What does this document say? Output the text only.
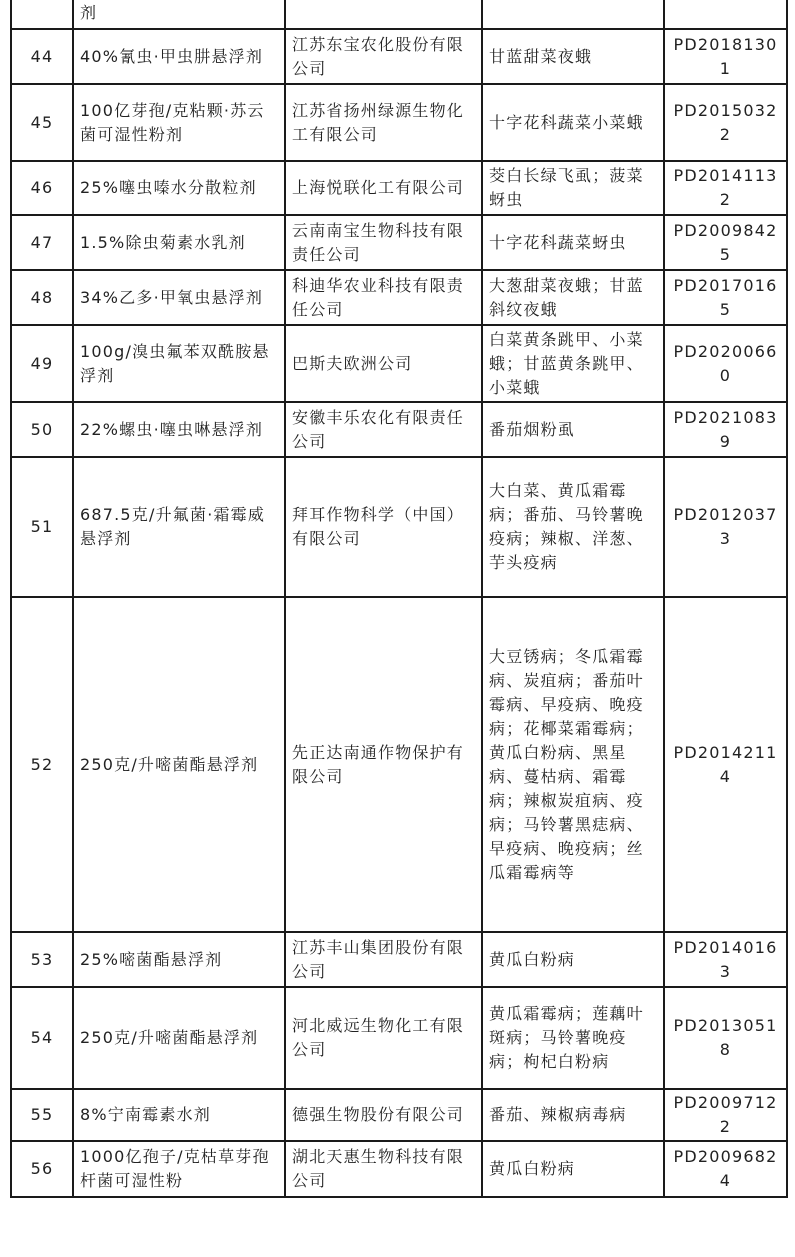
	剂			
44	40%氰虫·甲虫肼悬浮剂	江苏东宝农化股份有限公司	甘蓝甜菜夜蛾	PD20181301
45	100亿芽孢/克粘颗·苏云菌可湿性粉剂	江苏省扬州绿源生物化工有限公司	十字花科蔬菜小菜蛾	PD20150322
46	25%噻虫嗪水分散粒剂	上海悦联化工有限公司	茭白长绿飞虱；菠菜蚜虫	PD20141132
47	1.5%除虫菊素水乳剂	云南南宝生物科技有限责任公司	十字花科蔬菜蚜虫	PD20098425
48	34%乙多·甲氧虫悬浮剂	科迪华农业科技有限责任公司	大葱甜菜夜蛾；甘蓝斜纹夜蛾	PD20170165
49	100g/溴虫氟苯双酰胺悬浮剂	巴斯夫欧洲公司	白菜黄条跳甲、小菜蛾；甘蓝黄条跳甲、小菜蛾	PD20200660
50	22%螺虫·噻虫啉悬浮剂	安徽丰乐农化有限责任公司	番茄烟粉虱	PD20210839
51	687.5克/升氟菌·霜霉威悬浮剂	拜耳作物科学（中国）有限公司	大白菜、黄瓜霜霉病；番茄、马铃薯晚疫病；辣椒、洋葱、芋头疫病	PD20120373
52	250克/升嘧菌酯悬浮剂	先正达南通作物保护有限公司	大豆锈病；冬瓜霜霉病、炭疽病；番茄叶霉病、早疫病、晚疫病；花椰菜霜霉病；黄瓜白粉病、黑星病、蔓枯病、霜霉病；辣椒炭疽病、疫病；马铃薯黑痣病、早疫病、晚疫病；丝瓜霜霉病等	PD20142114
53	25%嘧菌酯悬浮剂	江苏丰山集团股份有限公司	黄瓜白粉病	PD20140163
54	250克/升嘧菌酯悬浮剂	河北威远生物化工有限公司	黄瓜霜霉病；莲藕叶斑病；马铃薯晚疫病；枸杞白粉病	PD20130518
55	8%宁南霉素水剂	德强生物股份有限公司	番茄、辣椒病毒病	PD20097122
56	1000亿孢子/克枯草芽孢杆菌可湿性粉	湖北天惠生物科技有限公司	黄瓜白粉病	PD20096824
